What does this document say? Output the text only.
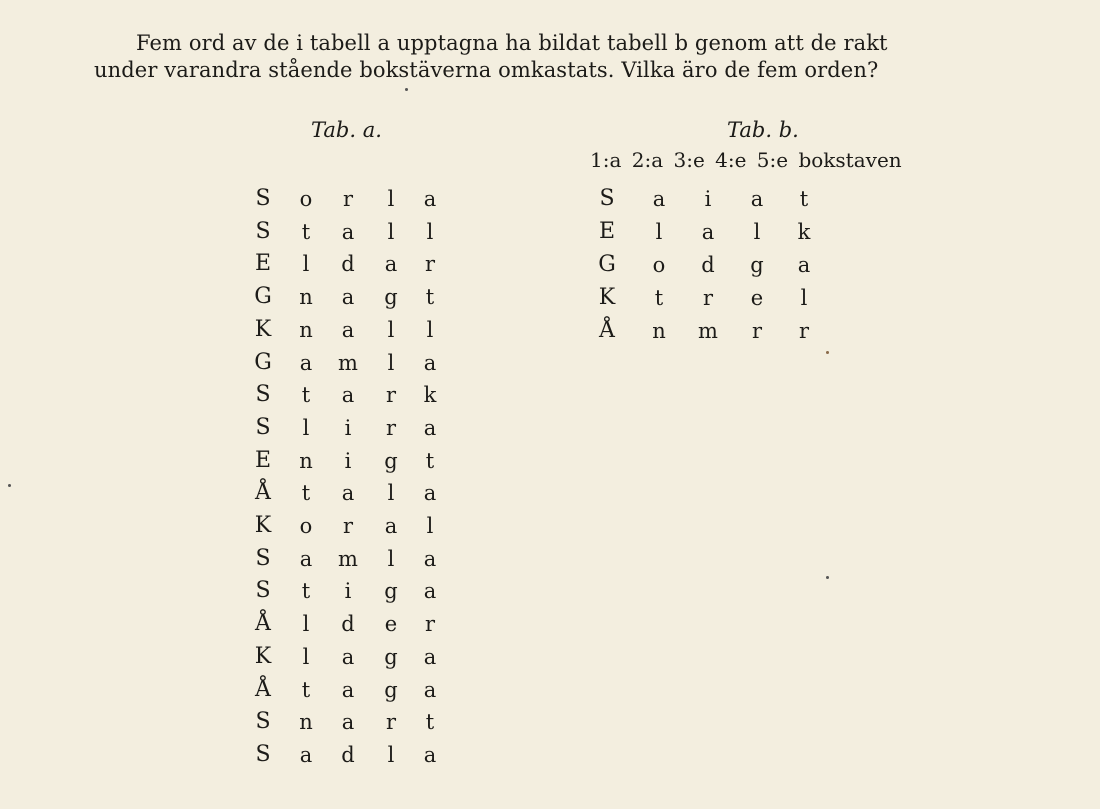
Fem ord av de i tabell a upptagna ha bildat tabell b genom att de rakt

under varandra stående bokstäverna omkastats. Vilka äro de fem orden?

Tab. a.	Tab. b.
1:a 2:a 3:e 4:e 5:e bokstaven
S	o	r	l	a
S	t	a	l	l
E	l	d	a	r
G	n	a	g	t
K	n	a	l	l
G	a	m	l	a
S	t	a	r	k
S	l	i	r	a
E	n	i	g	t
Å	t	a	l	a
K	o	r	a	l
S	a	m	l	a
S	t	i	g	a
Å	l	d	e	r
K	l	a	g	a
Å	t	a	g	a
S	n	a	r	t
S	a	d	l	a
S	a	i	a	t
E	l	a	l	k
G	o	d	g	a
K	t	r	e	l
Å	n	m	r	r
